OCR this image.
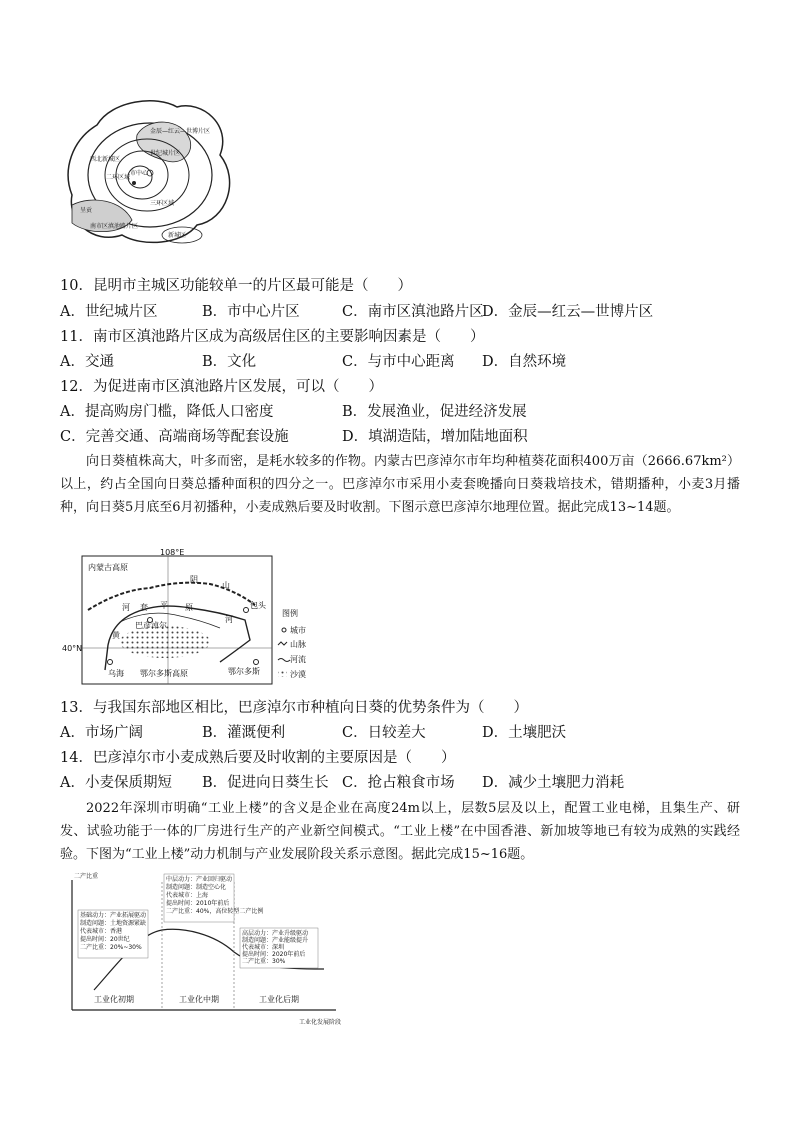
金辰—红云—世博片区
西北新城区
世纪城片区
市中心
二环区域
三环区域
呈贡
南市区滇池路片区
新城区
10．昆明市主城区功能较单一的片区最可能是（　　）
A．世纪城片区	B．市中心片区	C．南市区滇池路片区
D．金辰—红云—世博片区
11．南市区滇池路片区成为高级居住区的主要影响因素是（　　）
A．交通	B．文化	C．与市中心距离 D．自然环境
12．为促进南市区滇池路片区发展，可以（　　）
A．提高购房门槛，降低人口密度	B．发展渔业，促进经济发展
C．完善交通、高端商场等配套设施	D．填湖造陆，增加陆地面积
向日葵植株高大，叶多而密，是耗水较多的作物。内蒙古巴彦淖尔市年均种植葵花面积400万亩（2666.67km²）以上，约占全国向日葵总播种面积的四分之一。巴彦淖尔市采用小麦套晚播向日葵栽培技术，错期播种，小麦3月播种，向日葵5月底至6月初播种，小麦成熟后要及时收割。下图示意巴彦淖尔地理位置。据此完成13~14题。
108°E
40°N
内蒙古高原
阴
山
河 套 平 原
巴彦淖尔
黄
河
包头
乌海 鄂尔多斯高原	鄂尔多斯
图例
城市
山脉
河流
沙漠
13．与我国东部地区相比，巴彦淖尔市种植向日葵的优势条件为（　　）
A．市场广阔	B．灌溉便利	C．日较差大	D．土壤肥沃
14．巴彦淖尔市小麦成熟后要及时收割的主要原因是（　　）
A．小麦保质期短 B．促进向日葵生长 C．抢占粮食市场 D．减少土壤肥力消耗
2022年深圳市明确“工业上楼”的含义是企业在高度24m以上，层数5层及以上，配置工业电梯，且集生产、研发、试验功能于一体的厂房进行生产的产业新空间模式。“工业上楼”在中国香港、新加坡等地已有较为成熟的实践经验。下图为“工业上楼”动力机制与产业发展阶段关系示意图。据此完成15~16题。
基础动力：产业拓展驱动
制造问题：土地资源紧缺
代表城市：香港
提出时间：20世纪
二产比重：20%~30%
中层动力：产业回归驱动
制造问题：制造空心化
代表城市：上海
提出时间：2010年前后
二产比重：40%，高位转型二产比例
高层动力：产业升级驱动
制造问题：产业能级提升
代表城市：深圳
提出时间：2020年前后
二产比重：30%
二产比重
工业化初期	工业化中期	工业化后期
工业化发展阶段
